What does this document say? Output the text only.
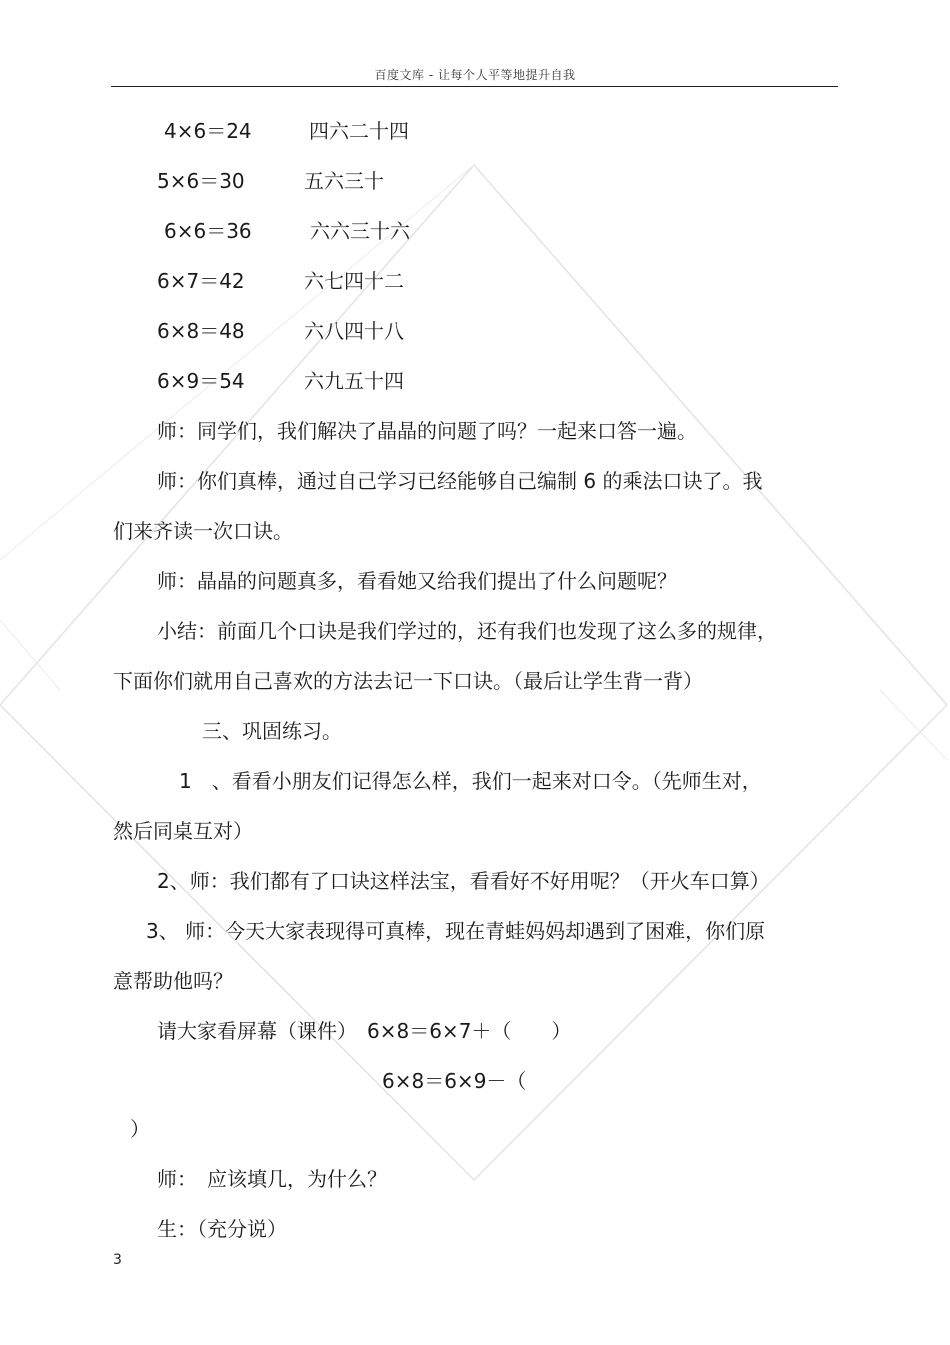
百度文库 - 让每个人平等地提升自我
4×6＝24	四六二十四
5×6＝30	五六三十
6×6＝36	六六三十六
6×7＝42	六七四十二
6×8＝48	六八四十八
6×9＝54	六九五十四
师：同学们，我们解决了晶晶的问题了吗？一起来口答一遍。
师：你们真棒，通过自己学习已经能够自己编制 6 的乘法口诀了。我
们来齐读一次口诀。
师：晶晶的问题真多，看看她又给我们提出了什么问题呢？
小结：前面几个口诀是我们学过的，还有我们也发现了这么多的规律，
下面你们就用自己喜欢的方法去记一下口诀。（最后让学生背一背）
三、巩固练习。
1　、看看小朋友们记得怎么样，我们一起来对口令。（先师生对，
然后同桌互对）
2、师：我们都有了口诀这样法宝，看看好不好用呢？（开火车口算）
3、 师：今天大家表现得可真棒，现在青蛙妈妈却遇到了困难，你们原
意帮助他吗？
请大家看屏幕（课件）　6×8＝6×7＋（　　）
6×8＝6×9－（
）
师：　应该填几，为什么？
生：（充分说）
3
